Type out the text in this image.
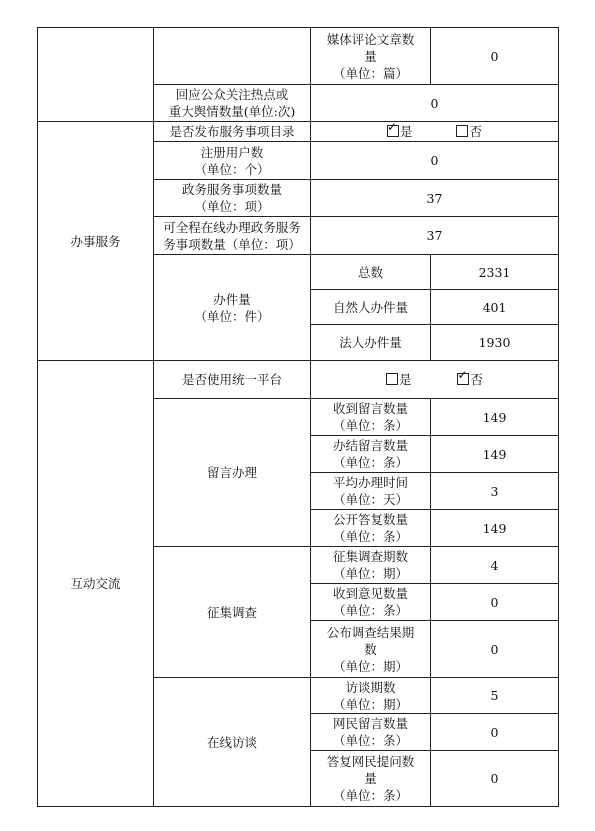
		媒体评论文章数
量
（单位：篇）	0
	回应公众关注热点或
重大舆情数量(单位:次)	0	
办事服务	是否发布服务事项目录	✓ 是 否	
	注册用户数
（单位：个）	0	
	政务服务事项数量
（单位：项）	37	
	可全程在线办理政务服务
务事项数量（单位：项）	37	
	办件量
（单位：件）	总数	2331
		自然人办件量	401
		法人办件量	1930
互动交流	是否使用统一平台	是 ✓ 否	
	留言办理	收到留言数量
（单位：条）	149
		办结留言数量
（单位：条）	149
		平均办理时间
（单位：天）	3
		公开答复数量
（单位：条）	149
	征集调查	征集调查期数
（单位：期）	4
		收到意见数量
（单位：条）	0
		公布调查结果期
数
（单位：期）	0
	在线访谈	访谈期数
（单位：期）	5
		网民留言数量
（单位：条）	0
		答复网民提问数
量
（单位：条）	0
